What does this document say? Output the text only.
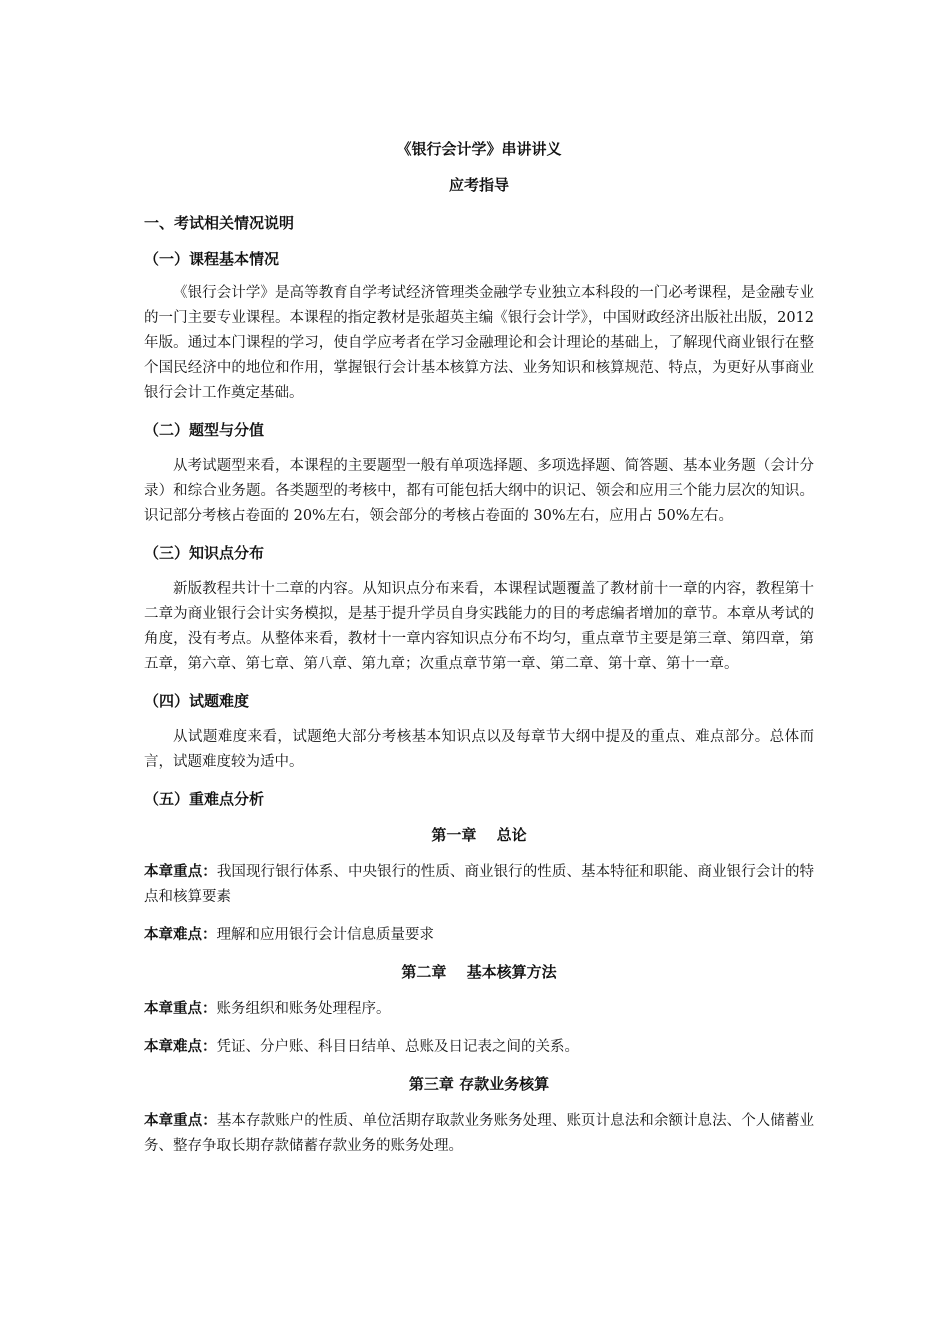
《银行会计学》串讲讲义

应考指导

一、考试相关情况说明

（一）课程基本情况

《银行会计学》是高等教育自学考试经济管理类金融学专业独立本科段的一门必考课程，是金融专业的一门主要专业课程。本课程的指定教材是张超英主编《银行会计学》，中国财政经济出版社出版，2012 年版。通过本门课程的学习，使自学应考者在学习金融理论和会计理论的基础上，了解现代商业银行在整个国民经济中的地位和作用，掌握银行会计基本核算方法、业务知识和核算规范、特点，为更好从事商业银行会计工作奠定基础。

（二）题型与分值

从考试题型来看，本课程的主要题型一般有单项选择题、多项选择题、简答题、基本业务题（会计分录）和综合业务题。各类题型的考核中，都有可能包括大纲中的识记、领会和应用三个能力层次的知识。识记部分考核占卷面的 20%左右，领会部分的考核占卷面的 30%左右，应用占 50%左右。

（三）知识点分布

新版教程共计十二章的内容。从知识点分布来看，本课程试题覆盖了教材前十一章的内容，教程第十二章为商业银行会计实务模拟，是基于提升学员自身实践能力的目的考虑编者增加的章节。本章从考试的角度，没有考点。从整体来看，教材十一章内容知识点分布不均匀，重点章节主要是第三章、第四章，第五章，第六章、第七章、第八章、第九章；次重点章节第一章、第二章、第十章、第十一章。

（四）试题难度

从试题难度来看，试题绝大部分考核基本知识点以及每章节大纲中提及的重点、难点部分。总体而言，试题难度较为适中。

（五）重难点分析

第一章　 总论

本章重点：我国现行银行体系、中央银行的性质、商业银行的性质、基本特征和职能、商业银行会计的特点和核算要素

本章难点：理解和应用银行会计信息质量要求

第二章　 基本核算方法

本章重点：账务组织和账务处理程序。

本章难点：凭证、分户账、科目日结单、总账及日记表之间的关系。

第三章 存款业务核算

本章重点：基本存款账户的性质、单位活期存取款业务账务处理、账页计息法和余额计息法、个人储蓄业务、整存争取长期存款储蓄存款业务的账务处理。
